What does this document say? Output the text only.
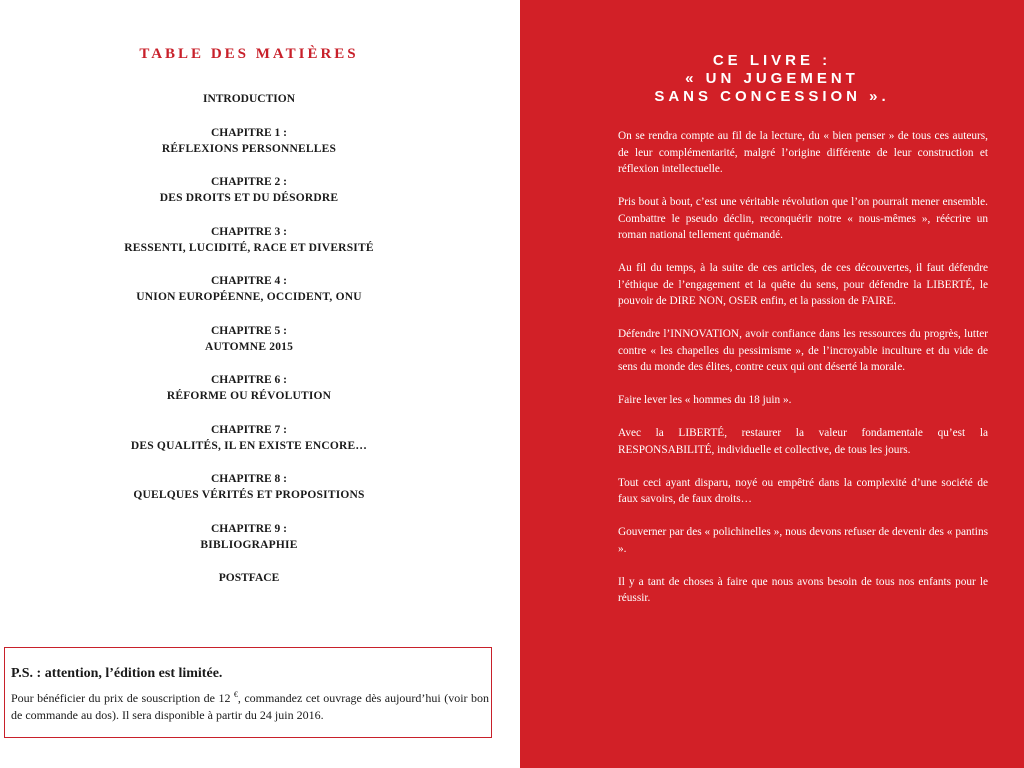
TABLE DES MATIÈRES
INTRODUCTION
CHAPITRE 1 :
RÉFLEXIONS PERSONNELLES
CHAPITRE 2 :
DES DROITS ET DU DÉSORDRE
CHAPITRE 3 :
RESSENTI, LUCIDITÉ, RACE ET DIVERSITÉ
CHAPITRE 4 :
UNION EUROPÉENNE, OCCIDENT, ONU
CHAPITRE 5 :
AUTOMNE 2015
CHAPITRE 6 :
RÉFORME OU RÉVOLUTION
CHAPITRE 7 :
DES QUALITÉS, IL EN EXISTE ENCORE…
CHAPITRE 8 :
QUELQUES VÉRITÉS ET PROPOSITIONS
CHAPITRE 9 :
BIBLIOGRAPHIE
POSTFACE
P.S. : attention, l’édition est limitée.
Pour bénéficier du prix de souscription de 12 €, commandez cet ouvrage dès aujourd’hui (voir bon de commande au dos). Il sera disponible à partir du 24 juin 2016.
CE LIVRE :
« UN JUGEMENT
SANS CONCESSION ».

On se rendra compte au fil de la lecture, du « bien penser » de tous ces auteurs, de leur complémentarité, malgré l’origine différente de leur construction et réflexion intellectuelle.

Pris bout à bout, c’est une véritable révolution que l’on pourrait mener ensemble. Combattre le pseudo déclin, reconquérir notre « nous-mêmes », réécrire un roman national tellement quémandé.

Au fil du temps, à la suite de ces articles, de ces découvertes, il faut défendre l’éthique de l’engagement et la quête du sens, pour défendre la LIBERTÉ, le pouvoir de DIRE NON, OSER enfin, et la passion de FAIRE.

Défendre l’INNOVATION, avoir confiance dans les ressources du progrès, lutter contre « les chapelles du pessimisme », de l’incroyable inculture et du vide de sens du monde des élites, contre ceux qui ont déserté la morale.

Faire lever les « hommes du 18 juin ».

Avec la LIBERTÉ, restaurer la valeur fondamentale qu’est la RESPONSABILITÉ, individuelle et collective, de tous les jours.

Tout ceci ayant disparu, noyé ou empêtré dans la complexité d’une société de faux savoirs, de faux droits…

Gouverner par des « polichinelles », nous devons refuser de devenir des « pantins ».

Il y a tant de choses à faire que nous avons besoin de tous nos enfants pour le réussir.
